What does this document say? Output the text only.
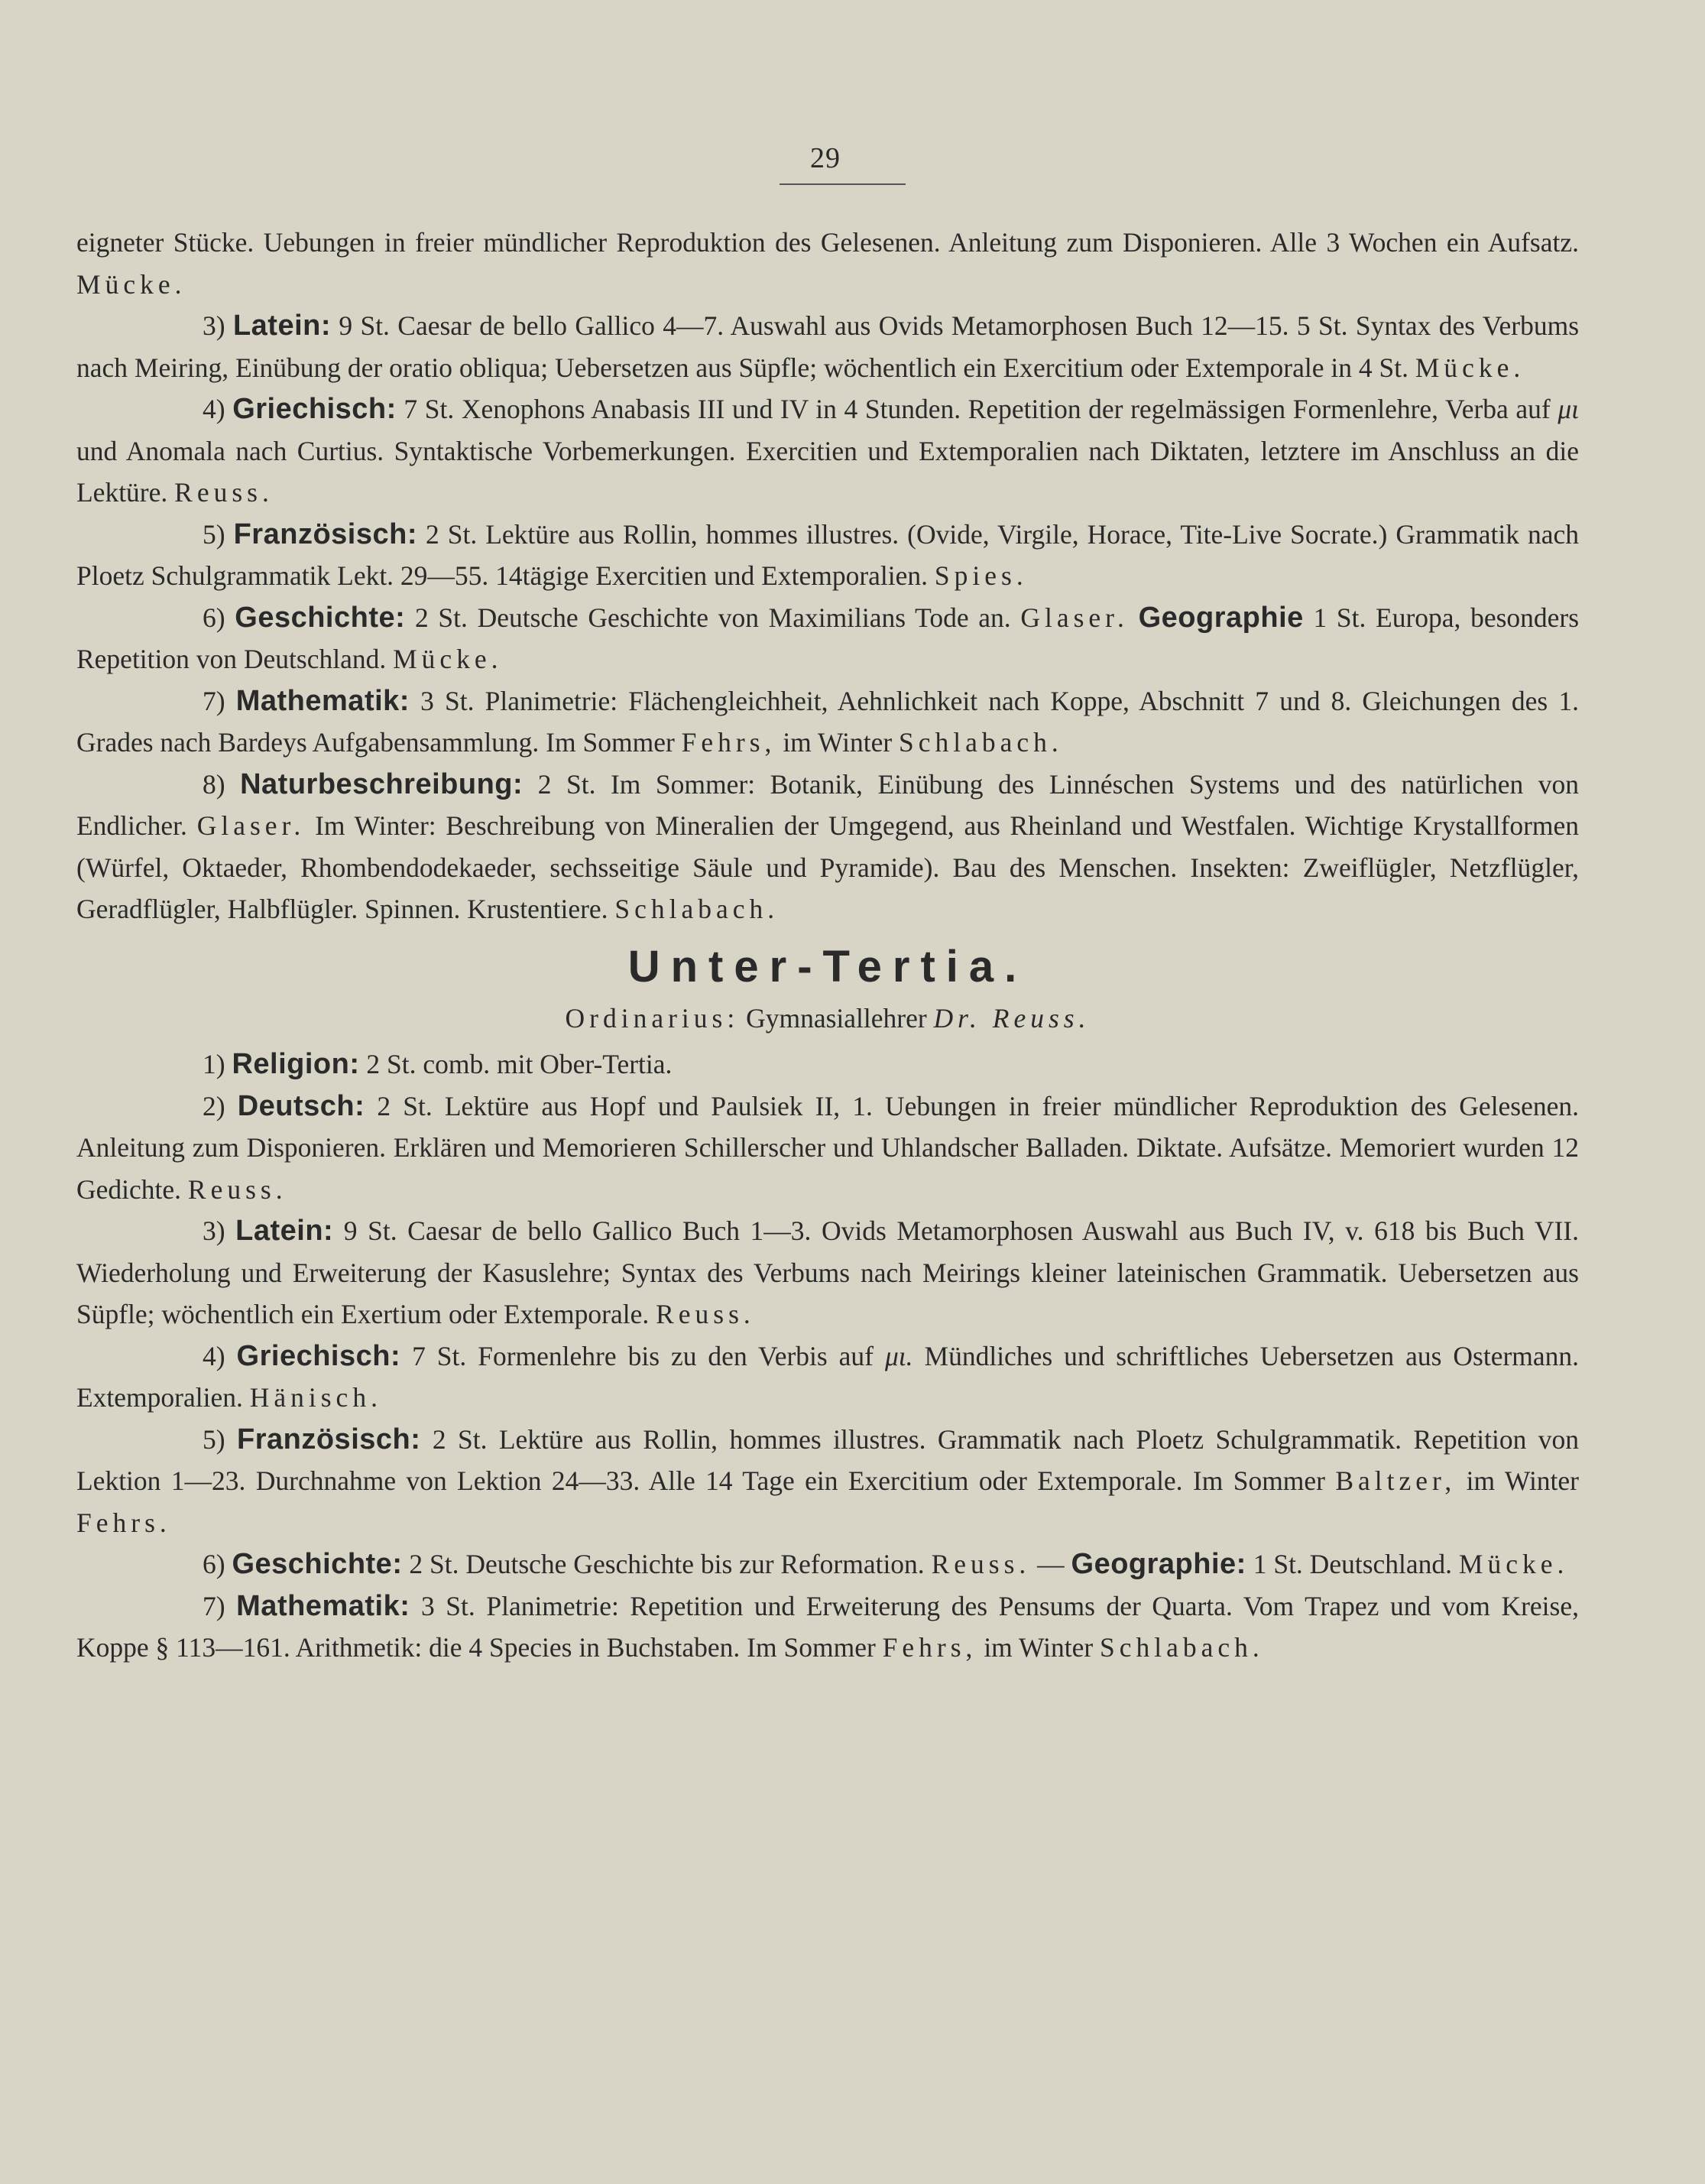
29

eigneter Stücke. Uebungen in freier mündlicher Reproduktion des Gelesenen. Anleitung zum Disponieren. Alle 3 Wochen ein Aufsatz. Mücke.

3) Latein: 9 St. Caesar de bello Gallico 4—7. Auswahl aus Ovids Metamorphosen Buch 12—15. 5 St. Syntax des Verbums nach Meiring, Einübung der oratio obliqua; Uebersetzen aus Süpfle; wöchentlich ein Exercitium oder Extemporale in 4 St. Mücke.

4) Griechisch: 7 St. Xenophons Anabasis III und IV in 4 Stunden. Repetition der regelmässigen Formenlehre, Verba auf μι und Anomala nach Curtius. Syntaktische Vorbemerkungen. Exercitien und Extemporalien nach Diktaten, letztere im Anschluss an die Lektüre. Reuss.

5) Französisch: 2 St. Lektüre aus Rollin, hommes illustres. (Ovide, Virgile, Horace, Tite-Live Socrate.) Grammatik nach Ploetz Schulgrammatik Lekt. 29—55. 14tägige Exercitien und Extemporalien. Spies.

6) Geschichte: 2 St. Deutsche Geschichte von Maximilians Tode an. Glaser. Geographie 1 St. Europa, besonders Repetition von Deutschland. Mücke.

7) Mathematik: 3 St. Planimetrie: Flächengleichheit, Aehnlichkeit nach Koppe, Abschnitt 7 und 8. Gleichungen des 1. Grades nach Bardeys Aufgabensammlung. Im Sommer Fehrs, im Winter Schlabach.

8) Naturbeschreibung: 2 St. Im Sommer: Botanik, Einübung des Linnéschen Systems und des natürlichen von Endlicher. Glaser. Im Winter: Beschreibung von Mineralien der Umgegend, aus Rheinland und Westfalen. Wichtige Krystallformen (Würfel, Oktaeder, Rhombendodekaeder, sechsseitige Säule und Pyramide). Bau des Menschen. Insekten: Zweiflügler, Netzflügler, Geradflügler, Halbflügler. Spinnen. Krustentiere. Schlabach.

Unter-Tertia.

Ordinarius: Gymnasiallehrer Dr. Reuss.

1) Religion: 2 St. comb. mit Ober-Tertia.

2) Deutsch: 2 St. Lektüre aus Hopf und Paulsiek II, 1. Uebungen in freier mündlicher Reproduktion des Gelesenen. Anleitung zum Disponieren. Erklären und Memorieren Schillerscher und Uhlandscher Balladen. Diktate. Aufsätze. Memoriert wurden 12 Gedichte. Reuss.

3) Latein: 9 St. Caesar de bello Gallico Buch 1—3. Ovids Metamorphosen Auswahl aus Buch IV, v. 618 bis Buch VII. Wiederholung und Erweiterung der Kasuslehre; Syntax des Verbums nach Meirings kleiner lateinischen Grammatik. Uebersetzen aus Süpfle; wöchentlich ein Exertium oder Extemporale. Reuss.

4) Griechisch: 7 St. Formenlehre bis zu den Verbis auf μι. Mündliches und schriftliches Uebersetzen aus Ostermann. Extemporalien. Hänisch.

5) Französisch: 2 St. Lektüre aus Rollin, hommes illustres. Grammatik nach Ploetz Schulgrammatik. Repetition von Lektion 1—23. Durchnahme von Lektion 24—33. Alle 14 Tage ein Exercitium oder Extemporale. Im Sommer Baltzer, im Winter Fehrs.

6) Geschichte: 2 St. Deutsche Geschichte bis zur Reformation. Reuss. — Geographie: 1 St. Deutschland. Mücke.

7) Mathematik: 3 St. Planimetrie: Repetition und Erweiterung des Pensums der Quarta. Vom Trapez und vom Kreise, Koppe § 113—161. Arithmetik: die 4 Species in Buchstaben. Im Sommer Fehrs, im Winter Schlabach.
